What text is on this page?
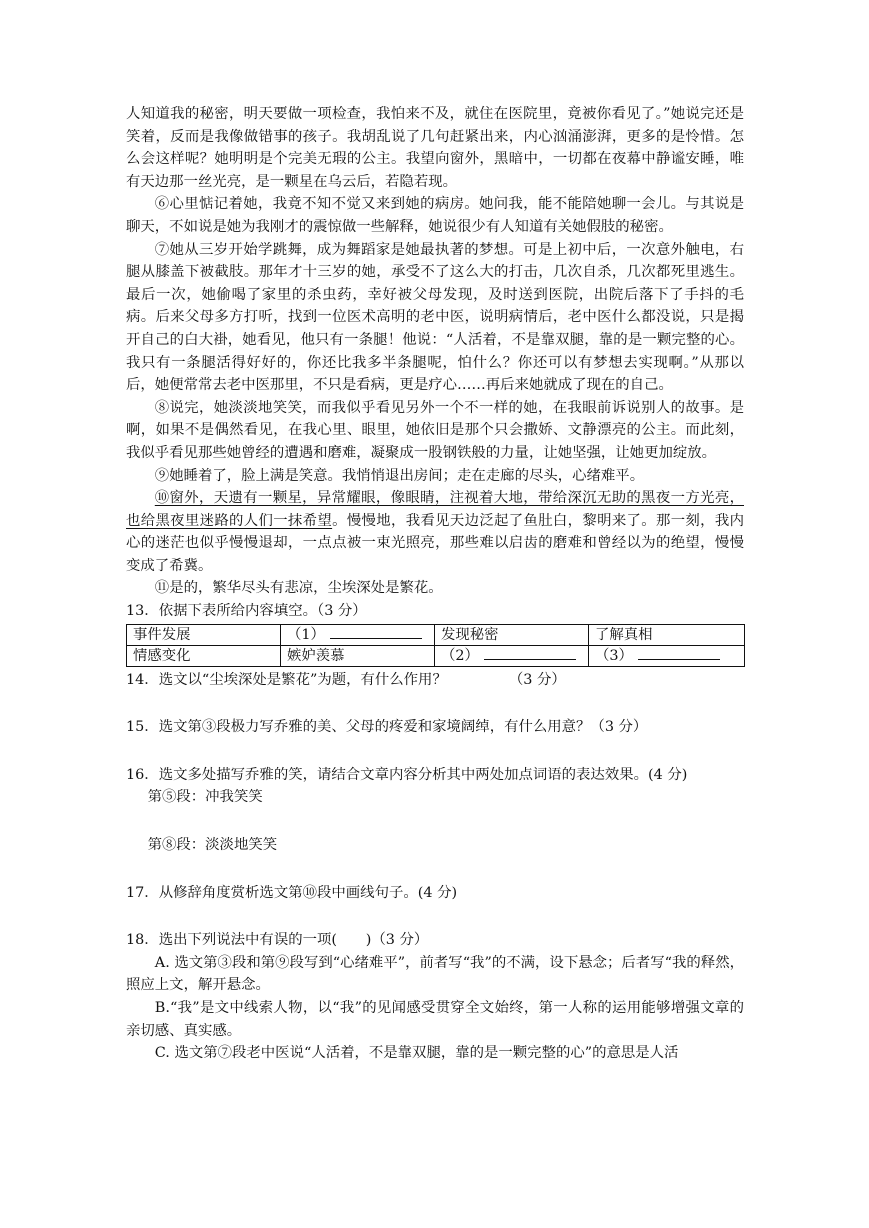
人知道我的秘密，明天要做一项检查，我怕来不及，就住在医院里，竟被你看见了。”她说完还是笑着，反而是我像做错事的孩子。我胡乱说了几句赶紧出来，内心汹涌澎湃，更多的是怜惜。怎么会这样呢？她明明是个完美无瑕的公主。我望向窗外，黑暗中，一切都在夜幕中静谧安睡，唯有天边那一丝光亮，是一颗星在乌云后，若隐若现。

⑥心里惦记着她，我竟不知不觉又来到她的病房。她问我，能不能陪她聊一会儿。与其说是聊天，不如说是她为我刚才的震惊做一些解释，她说很少有人知道有关她假肢的秘密。

⑦她从三岁开始学跳舞，成为舞蹈家是她最执著的梦想。可是上初中后，一次意外触电，右腿从膝盖下被截肢。那年才十三岁的她，承受不了这么大的打击，几次自杀，几次都死里逃生。最后一次，她偷喝了家里的杀虫药，幸好被父母发现，及时送到医院，出院后落下了手抖的毛病。后来父母多方打听，找到一位医术高明的老中医，说明病情后，老中医什么都没说，只是揭开自己的白大褂，她看见，他只有一条腿！他说：“人活着，不是靠双腿，靠的是一颗完整的心。我只有一条腿活得好好的，你还比我多半条腿呢，怕什么？你还可以有梦想去实现啊。”从那以后，她便常常去老中医那里，不只是看病，更是疗心……再后来她就成了现在的自己。

⑧说完，她淡淡地笑笑，而我似乎看见另外一个不一样的她，在我眼前诉说别人的故事。是啊，如果不是偶然看见，在我心里、眼里，她依旧是那个只会撒娇、文静漂亮的公主。而此刻，我似乎看见那些她曾经的遭遇和磨难，凝聚成一股钢铁般的力量，让她坚强，让她更加绽放。

⑨她睡着了，脸上满是笑意。我悄悄退出房间；走在走廊的尽头，心绪难平。

⑩窗外，天遗有一颗星，异常耀眼，像眼睛，注视着大地，带给深沉无助的黑夜一方光亮，也给黑夜里迷路的人们一抹希望。慢慢地，我看见天边泛起了鱼肚白，黎明来了。那一刻，我内心的迷茫也似乎慢慢退却，一点点被一束光照亮，那些难以启齿的磨难和曾经以为的绝望，慢慢变成了希冀。

⑪是的，繁华尽头有悲凉，尘埃深处是繁花。

13．依据下表所给内容填空。（3 分）

事件发展	（1）	发现秘密	了解真相
情感变化	嫉妒羡慕	（2）	（3）

14．选文以“尘埃深处是繁花”为题，有什么作用？	（3 分）

15．选文第③段极力写乔雅的美、父母的疼爱和家境阔绰，有什么用意？（3 分）

16．选文多处描写乔雅的笑，请结合文章内容分析其中两处加点词语的表达效果。(4 分)

第⑤段：冲我笑笑

第⑧段：淡淡地笑笑

17．从修辞角度赏析选文第⑩段中画线句子。(4 分)

18．选出下列说法中有误的一项(　　)（3 分）

A. 选文第③段和第⑨段写到“心绪难平”，前者写“我”的不满，设下悬念；后者写“我的释然，照应上文，解开悬念。

B.“我”是文中线索人物，以“我”的见闻感受贯穿全文始终，第一人称的运用能够增强文章的亲切感、真实感。

C. 选文第⑦段老中医说“人活着，不是靠双腿，靠的是一颗完整的心”的意思是人活
